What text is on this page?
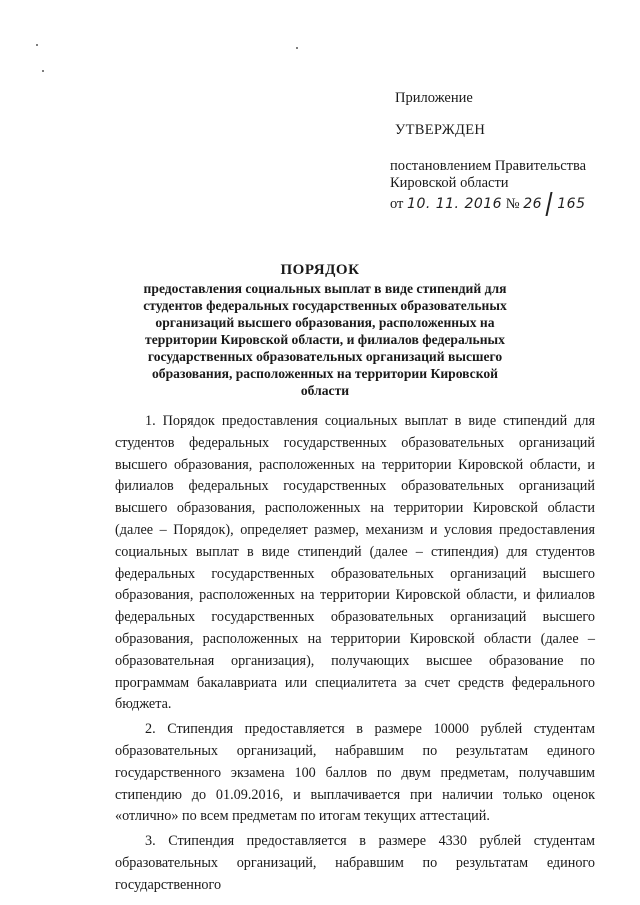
Приложение
УТВЕРЖДЕН
постановлением Правительства
Кировской области
от 10. 11. 2016 № 26 165
ПОРЯДОК
предоставления социальных выплат в виде стипендий для студентов федеральных государственных образовательных организаций высшего образования, расположенных на территории Кировской области, и филиалов федеральных государственных образовательных организаций высшего образования, расположенных на территории Кировской области

1. Порядок предоставления социальных выплат в виде стипендий для студентов федеральных государственных образовательных организаций высшего образования, расположенных на территории Кировской области, и филиалов федеральных государственных образовательных организаций высшего образования, расположенных на территории Кировской области (далее – Порядок), определяет размер, механизм и условия предоставления социальных выплат в виде стипендий (далее – стипендия) для студентов федеральных государственных образовательных организаций высшего образования, расположенных на территории Кировской области, и филиалов федеральных государственных образовательных организаций высшего образования, расположенных на территории Кировской области (далее – образовательная организация), получающих высшее образование по программам бакалавриата или специалитета за счет средств федерального бюджета.

2. Стипендия предоставляется в размере 10000 рублей студентам образовательных организаций, набравшим по результатам единого государственного экзамена 100 баллов по двум предметам, получавшим стипендию до 01.09.2016, и выплачивается при наличии только оценок «отлично» по всем предметам по итогам текущих аттестаций.

3. Стипендия предоставляется в размере 4330 рублей студентам образовательных организаций, набравшим по результатам единого государственного
